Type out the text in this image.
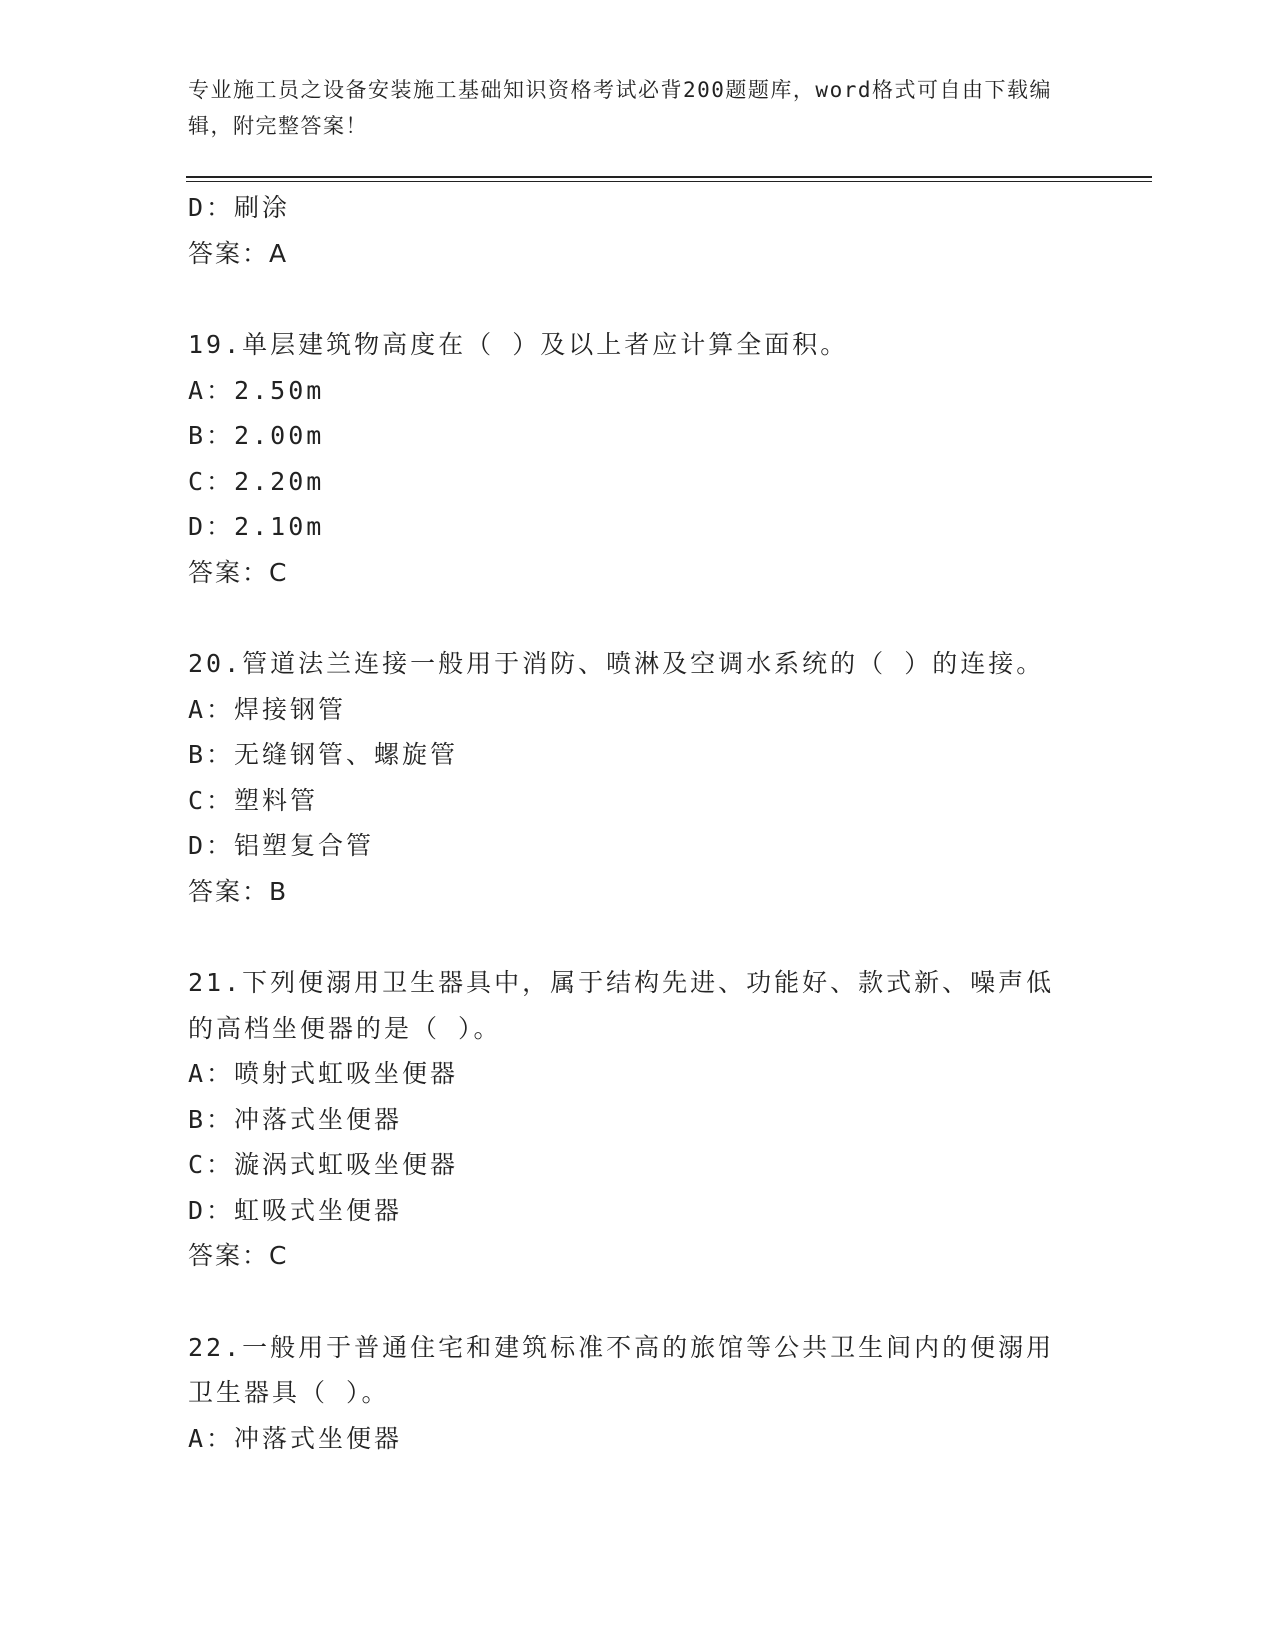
专业施工员之设备安装施工基础知识资格考试必背200题题库，word格式可自由下载编辑，附完整答案！
D：刷涂
答案：A
19.单层建筑物高度在（ ）及以上者应计算全面积。
A：2.50m
B：2.00m
C：2.20m
D：2.10m
答案：C
20.管道法兰连接一般用于消防、喷淋及空调水系统的（ ）的连接。
A：焊接钢管
B：无缝钢管、螺旋管
C：塑料管
D：铝塑复合管
答案：B
21.下列便溺用卫生器具中，属于结构先进、功能好、款式新、噪声低的高档坐便器的是（ ）。
A：喷射式虹吸坐便器
B：冲落式坐便器
C：漩涡式虹吸坐便器
D：虹吸式坐便器
答案：C
22.一般用于普通住宅和建筑标准不高的旅馆等公共卫生间内的便溺用卫生器具（ ）。
A：冲落式坐便器
